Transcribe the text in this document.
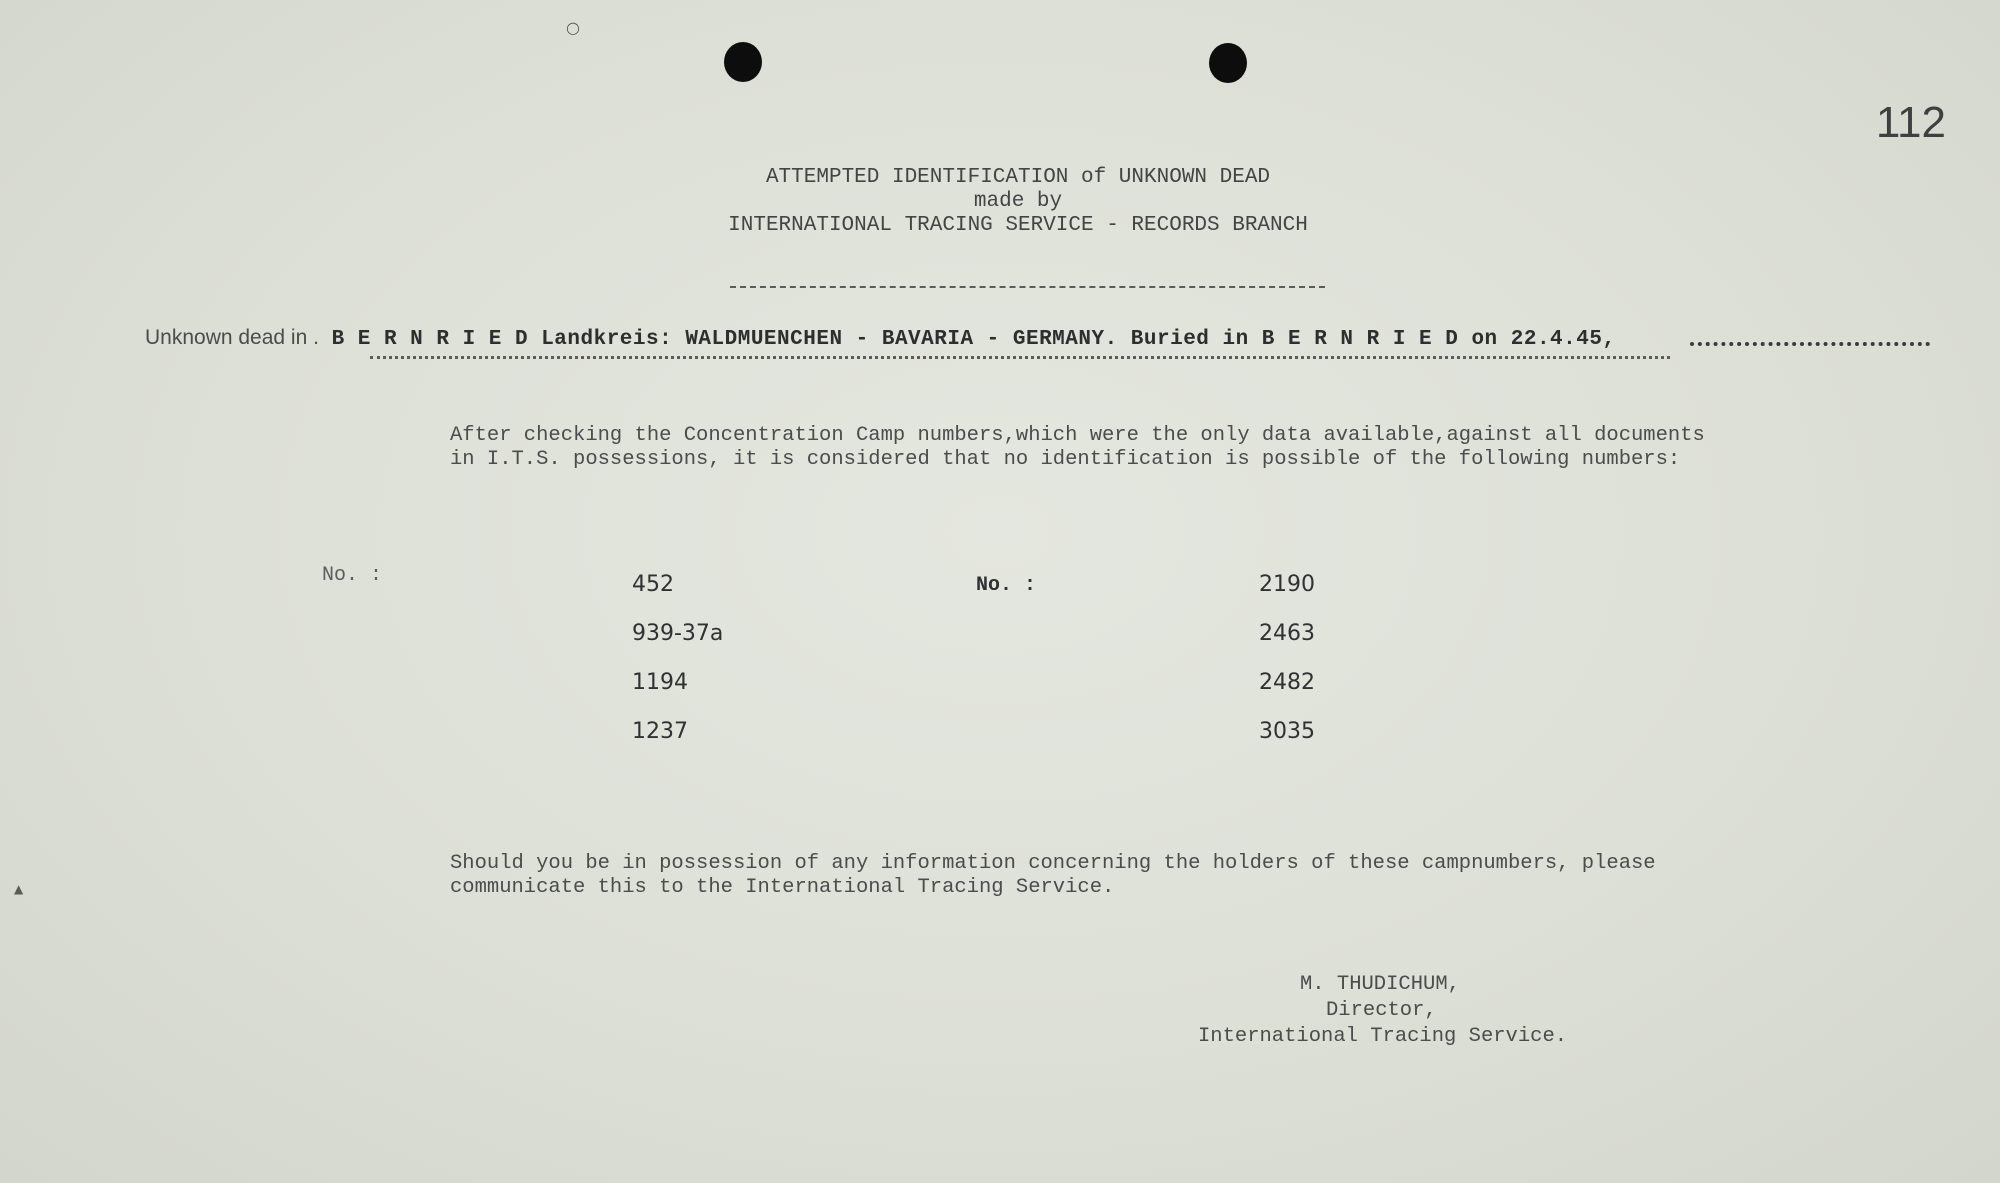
112
ATTEMPTED IDENTIFICATION of UNKNOWN DEAD
made by
INTERNATIONAL TRACING SERVICE - RECORDS BRANCH
Unknown dead in . B E R N R I E D Landkreis: WALDMUENCHEN - BAVARIA - GERMANY. Buried in B E R N R I E D on 22.4.45,

After checking the Concentration Camp numbers,which were the only data available,against all documents in I.T.S. possessions, it is considered that no identification is possible of the following numbers:

No. :	No. :
452
939-37a
1194
1237
2190
2463
2482
3035

Should you be in possession of any information concerning the holders of these campnumbers, please communicate this to the International Tracing Service.

M. THUDICHUM,
Director,
International Tracing Service.
▲
○
